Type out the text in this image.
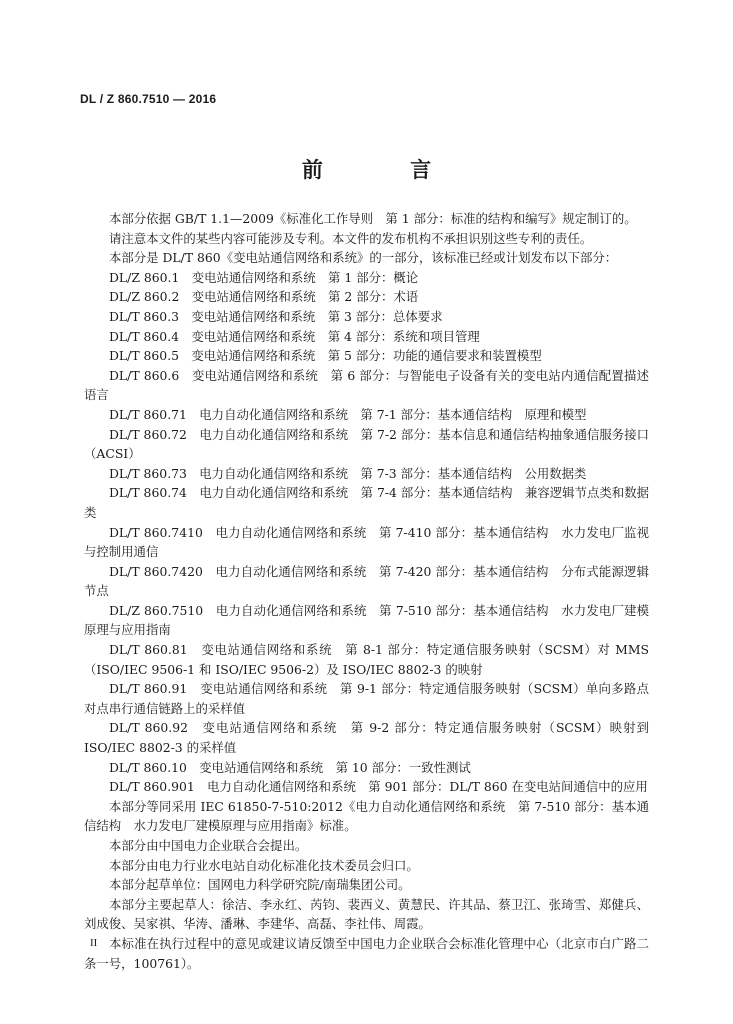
DL / Z 860.7510 — 2016
前 言

本部分依据 GB/T 1.1—2009《标准化工作导则　第 1 部分：标准的结构和编写》规定制订的。

请注意本文件的某些内容可能涉及专利。本文件的发布机构不承担识别这些专利的责任。

本部分是 DL/T 860《变电站通信网络和系统》的一部分，该标准已经或计划发布以下部分：

DL/Z 860.1　变电站通信网络和系统　第 1 部分：概论

DL/Z 860.2　变电站通信网络和系统　第 2 部分：术语

DL/T 860.3　变电站通信网络和系统　第 3 部分：总体要求

DL/T 860.4　变电站通信网络和系统　第 4 部分：系统和项目管理

DL/T 860.5　变电站通信网络和系统　第 5 部分：功能的通信要求和装置模型

DL/T 860.6　变电站通信网络和系统　第 6 部分：与智能电子设备有关的变电站内通信配置描述语言

DL/T 860.71　电力自动化通信网络和系统　第 7-1 部分：基本通信结构　原理和模型

DL/T 860.72　电力自动化通信网络和系统　第 7-2 部分：基本信息和通信结构抽象通信服务接口（ACSI）

DL/T 860.73　电力自动化通信网络和系统　第 7-3 部分：基本通信结构　公用数据类

DL/T 860.74　电力自动化通信网络和系统　第 7-4 部分：基本通信结构　兼容逻辑节点类和数据类

DL/T 860.7410　电力自动化通信网络和系统　第 7-410 部分：基本通信结构　水力发电厂监视与控制用通信

DL/T 860.7420　电力自动化通信网络和系统　第 7-420 部分：基本通信结构　分布式能源逻辑节点

DL/Z 860.7510　电力自动化通信网络和系统　第 7-510 部分：基本通信结构　水力发电厂建模原理与应用指南

DL/T 860.81　变电站通信网络和系统　第 8-1 部分：特定通信服务映射（SCSM）对 MMS（ISO/IEC 9506-1 和 ISO/IEC 9506-2）及 ISO/IEC 8802-3 的映射

DL/T 860.91　变电站通信网络和系统　第 9-1 部分：特定通信服务映射（SCSM）单向多路点对点串行通信链路上的采样值

DL/T 860.92　变电站通信网络和系统　第 9-2 部分：特定通信服务映射（SCSM）映射到 ISO/IEC 8802-3 的采样值

DL/T 860.10　变电站通信网络和系统　第 10 部分：一致性测试

DL/T 860.901　电力自动化通信网络和系统　第 901 部分：DL/T 860 在变电站间通信中的应用

本部分等同采用 IEC 61850-7-510:2012《电力自动化通信网络和系统　第 7-510 部分：基本通信结构　水力发电厂建模原理与应用指南》标准。

本部分由中国电力企业联合会提出。

本部分由电力行业水电站自动化标准化技术委员会归口。

本部分起草单位：国网电力科学研究院/南瑞集团公司。

本部分主要起草人：徐洁、李永红、芮钧、裴西义、黄慧民、许其品、蔡卫江、张琦雪、郑健兵、刘成俊、吴家祺、华涛、潘琳、李建华、高磊、李社伟、周霞。

本标准在执行过程中的意见或建议请反馈至中国电力企业联合会标准化管理中心（北京市白广路二条一号，100761）。

II
